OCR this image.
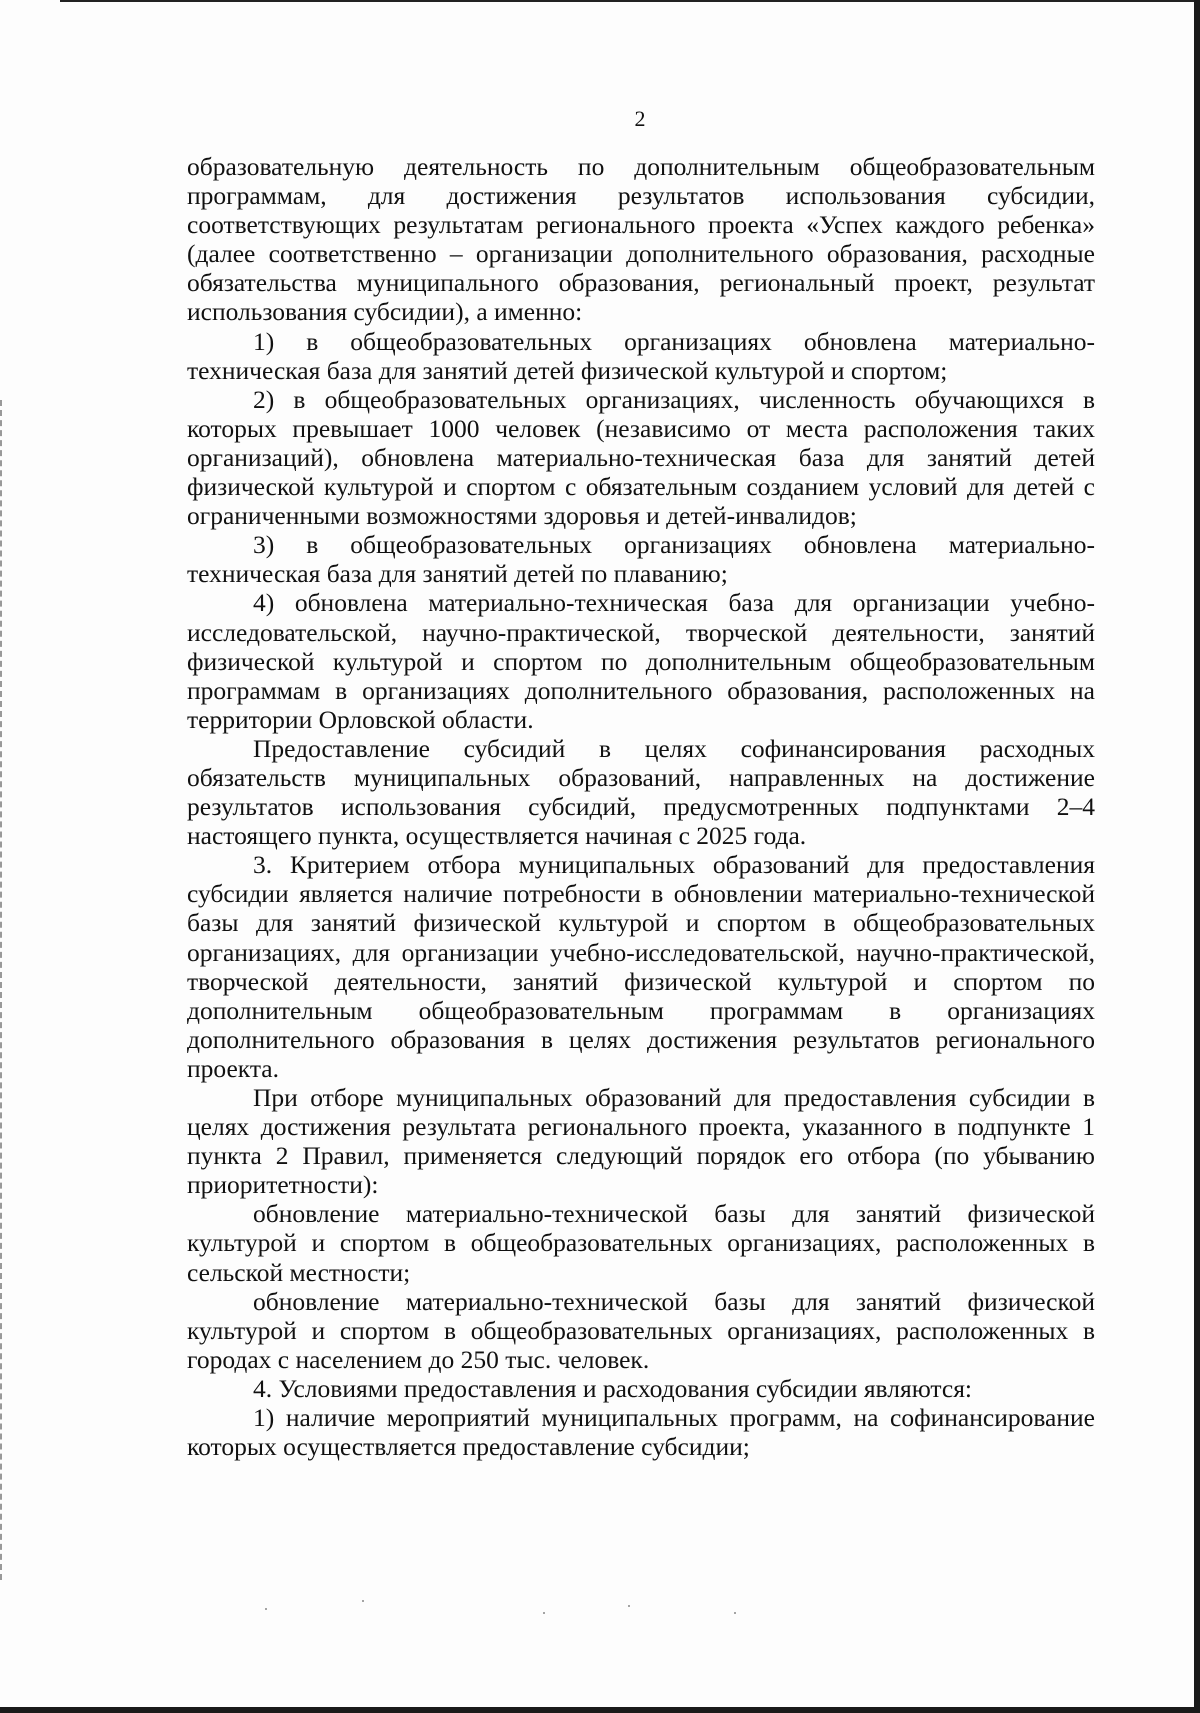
2

образовательную деятельность по дополнительным общеобразовательным программам, для достижения результатов использования субсидии, соответствующих результатам регионального проекта «Успех каждого ребенка» (далее соответственно – организации дополнительного образования, расходные обязательства муниципального образования, региональный проект, результат использования субсидии), а именно:

1) в общеобразовательных организациях обновлена материально-техническая база для занятий детей физической культурой и спортом;

2) в общеобразовательных организациях, численность обучающихся в которых превышает 1000 человек (независимо от места расположения таких организаций), обновлена материально-техническая база для занятий детей физической культурой и спортом с обязательным созданием условий для детей с ограниченными возможностями здоровья и детей-инвалидов;

3) в общеобразовательных организациях обновлена материально-техническая база для занятий детей по плаванию;

4) обновлена материально-техническая база для организации учебно-исследовательской, научно-практической, творческой деятельности, занятий физической культурой и спортом по дополнительным общеобразовательным программам в организациях дополнительного образования, расположенных на территории Орловской области.

Предоставление субсидий в целях софинансирования расходных обязательств муниципальных образований, направленных на достижение результатов использования субсидий, предусмотренных подпунктами 2–4 настоящего пункта, осуществляется начиная с 2025 года.

3. Критерием отбора муниципальных образований для предоставления субсидии является наличие потребности в обновлении материально-технической базы для занятий физической культурой и спортом в общеобразовательных организациях, для организации учебно-исследовательской, научно-практической, творческой деятельности, занятий физической культурой и спортом по дополнительным общеобразовательным программам в организациях дополнительного образования в целях достижения результатов регионального проекта.

При отборе муниципальных образований для предоставления субсидии в целях достижения результата регионального проекта, указанного в подпункте 1 пункта 2 Правил, применяется следующий порядок его отбора (по убыванию приоритетности):

обновление материально-технической базы для занятий физической культурой и спортом в общеобразовательных организациях, расположенных в сельской местности;

обновление материально-технической базы для занятий физической культурой и спортом в общеобразовательных организациях, расположенных в городах с населением до 250 тыс. человек.

4. Условиями предоставления и расходования субсидии являются:

1) наличие мероприятий муниципальных программ, на софинансирование которых осуществляется предоставление субсидии;
